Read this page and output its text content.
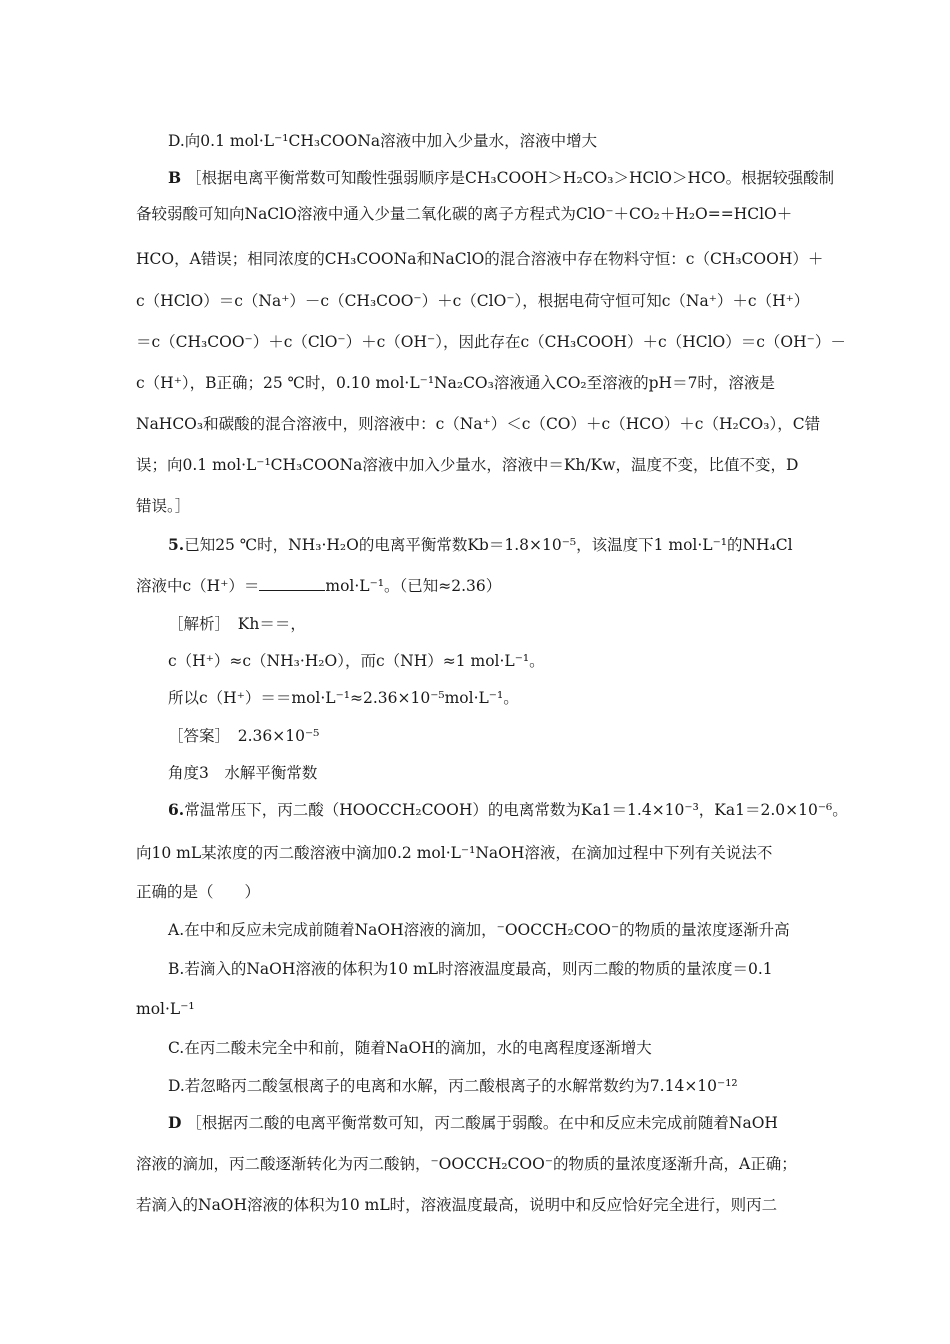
D.向0.1 mol·L⁻¹CH₃COONa溶液中加入少量水，溶液中增大
B ［根据电离平衡常数可知酸性强弱顺序是CH₃COOH＞H₂CO₃＞HClO＞HCO。根据较强酸制
备较弱酸可知向NaClO溶液中通入少量二氧化碳的离子方程式为ClO⁻＋CO₂＋H₂O==HClO＋
HCO，A错误；相同浓度的CH₃COONa和NaClO的混合溶液中存在物料守恒：c（CH₃COOH）＋
c（HClO）＝c（Na⁺）－c（CH₃COO⁻）＋c（ClO⁻），根据电荷守恒可知c（Na⁺）＋c（H⁺）
＝c（CH₃COO⁻）＋c（ClO⁻）＋c（OH⁻），因此存在c（CH₃COOH）＋c（HClO）＝c（OH⁻）－
c（H⁺），B正确；25 ℃时，0.10 mol·L⁻¹Na₂CO₃溶液通入CO₂至溶液的pH＝7时，溶液是
NaHCO₃和碳酸的混合溶液中，则溶液中：c（Na⁺）＜c（CO）＋c（HCO）＋c（H₂CO₃），C错
误；向0.1 mol·L⁻¹CH₃COONa溶液中加入少量水，溶液中＝Kh/Kw，温度不变，比值不变，D
错误。］
5.已知25 ℃时，NH₃·H₂O的电离平衡常数Kb＝1.8×10⁻⁵，该温度下1 mol·L⁻¹的NH₄Cl
溶液中c（H⁺）＝	mol·L⁻¹。（已知≈2.36）
［解析］　Kh＝＝，
c（H⁺）≈c（NH₃·H₂O），而c（NH）≈1 mol·L⁻¹。
所以c（H⁺）＝＝mol·L⁻¹≈2.36×10⁻⁵mol·L⁻¹。
［答案］　2.36×10⁻⁵
角度3　水解平衡常数
6.常温常压下，丙二酸（HOOCCH₂COOH）的电离常数为Ka1＝1.4×10⁻³，Ka1＝2.0×10⁻⁶。
向10 mL某浓度的丙二酸溶液中滴加0.2 mol·L⁻¹NaOH溶液，在滴加过程中下列有关说法不
正确的是（　　）
A.在中和反应未完成前随着NaOH溶液的滴加，⁻OOCCH₂COO⁻的物质的量浓度逐渐升高
B.若滴入的NaOH溶液的体积为10 mL时溶液温度最高，则丙二酸的物质的量浓度＝0.1
mol·L⁻¹
C.在丙二酸未完全中和前，随着NaOH的滴加，水的电离程度逐渐增大
D.若忽略丙二酸氢根离子的电离和水解，丙二酸根离子的水解常数约为7.14×10⁻¹²
D ［根据丙二酸的电离平衡常数可知，丙二酸属于弱酸。在中和反应未完成前随着NaOH
溶液的滴加，丙二酸逐渐转化为丙二酸钠，⁻OOCCH₂COO⁻的物质的量浓度逐渐升高，A正确；
若滴入的NaOH溶液的体积为10 mL时，溶液温度最高，说明中和反应恰好完全进行，则丙二
